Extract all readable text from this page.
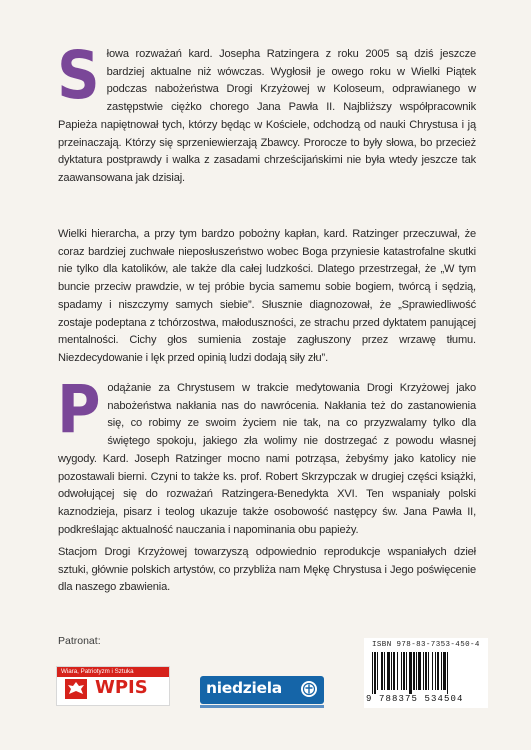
Słowa rozważań kard. Josepha Ratzingera z roku 2005 są dziś jeszcze bardziej aktualne niż wówczas. Wygłosił je owego roku w Wielki Piątek podczas nabożeństwa Drogi Krzyżowej w Koloseum, odprawianego w zastępstwie ciężko chorego Jana Pawła II. Najbliższy współpracownik Papieża napiętnował tych, którzy będąc w Kościele, odchodzą od nauki Chrystusa i ją przeinaczają. Którzy się sprzeniewierzają Zbawcy. Prorocze to były słowa, bo przecież dyktatura postprawdy i walka z zasadami chrześcijańskimi nie była wtedy jeszcze tak zaawansowana jak dzisiaj.

Wielki hierarcha, a przy tym bardzo pobożny kapłan, kard. Ratzinger przeczuwał, że coraz bardziej zuchwałe nieposłuszeństwo wobec Boga przyniesie katastrofalne skutki nie tylko dla katolików, ale także dla całej ludzkości. Dlatego przestrzegał, że „W tym buncie przeciw prawdzie, w tej próbie bycia samemu sobie bogiem, twórcą i sędzią, spadamy i niszczymy samych siebie”. Słusznie diagnozował, że „Sprawiedliwość zostaje podeptana z tchórzostwa, małoduszności, ze strachu przed dyktatem panującej mentalności. Cichy głos sumienia zostaje zagłuszony przez wrzawę tłumu. Niezdecydowanie i lęk przed opinią ludzi dodają siły złu”.

Podążanie za Chrystusem w trakcie medytowania Drogi Krzyżowej jako nabożeństwa nakłania nas do nawrócenia. Nakłania też do zastanowienia się, co robimy ze swoim życiem nie tak, na co przyzwalamy tylko dla świętego spokoju, jakiego zła wolimy nie dostrzegać z powodu własnej wygody. Kard. Joseph Ratzinger mocno nami potrząsa, żebyśmy jako katolicy nie pozostawali bierni. Czyni to także ks. prof. Robert Skrzypczak w drugiej części książki, odwołującej się do rozważań Ratzingera-Benedykta XVI. Ten wspaniały polski kaznodzieja, pisarz i teolog ukazuje także osobowość następcy św. Jana Pawła II, podkreślając aktualność nauczania i napominania obu papieży.

Stacjom Drogi Krzyżowej towarzyszą odpowiednio reprodukcje wspaniałych dzieł sztuki, głównie polskich artystów, co przybliża nam Mękę Chrystusa i Jego poświęcenie dla naszego zbawienia.

Patronat:
Wiara, Patriotyzm i Sztuka
WPIS	niedziela
ISBN 978-83-7353-450-4
9 788375 534504
